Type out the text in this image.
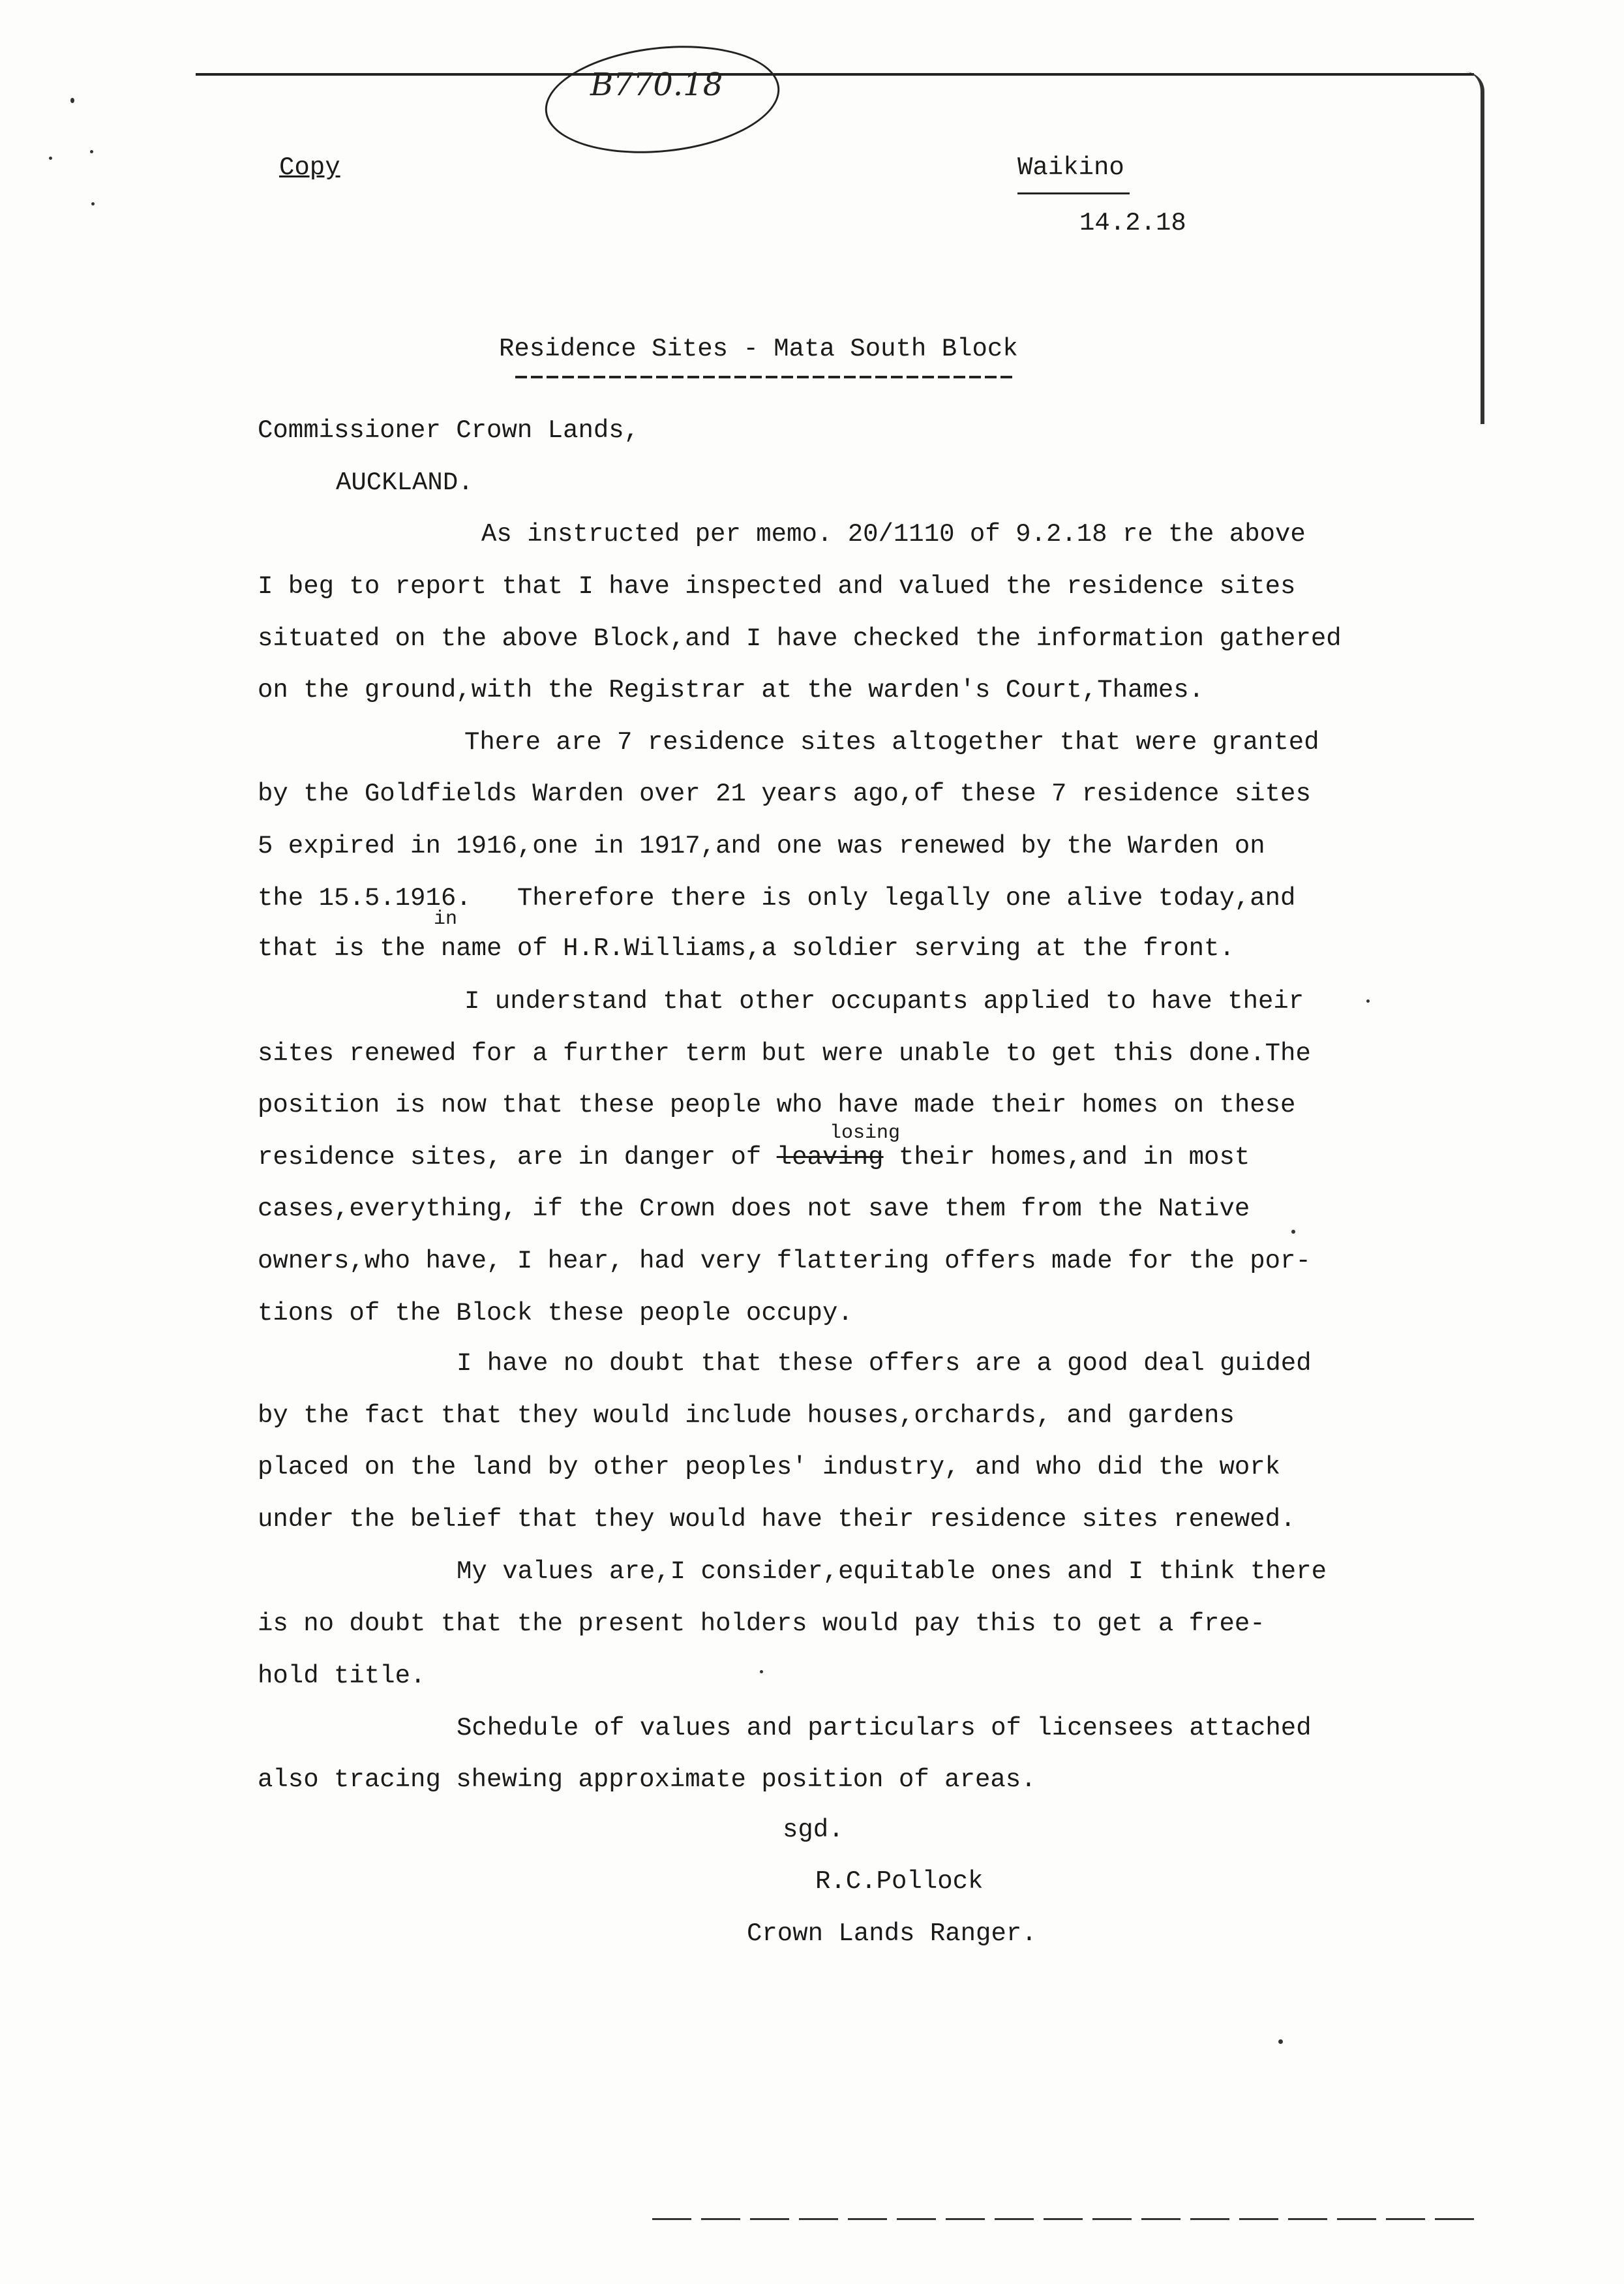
B770.18
Copy	Waikino
14.2.18
Residence Sites - Mata South Block
Commissioner Crown Lands,
AUCKLAND.
As instructed per memo. 20/1110 of 9.2.18 re the above
I beg to report that I have inspected and valued the residence sites
situated on the above Block,and I have checked the information gathered
on the ground,with the Registrar at the warden's Court,Thames.
There are 7 residence sites altogether that were granted
by the Goldfields Warden over 21 years ago,of these 7 residence sites
5 expired in 1916,one in 1917,and one was renewed by the Warden on
the 15.5.1916.   Therefore there is only legally one alive today,and
in
that is the name of H.R.Williams,a soldier serving at the front.
I understand that other occupants applied to have their
sites renewed for a further term but were unable to get this done.The
position is now that these people who have made their homes on these
losing
residence sites, are in danger of leaving their homes,and in most
cases,everything, if the Crown does not save them from the Native
owners,who have, I hear, had very flattering offers made for the por-
tions of the Block these people occupy.
I have no doubt that these offers are a good deal guided
by the fact that they would include houses,orchards, and gardens
placed on the land by other peoples' industry, and who did the work
under the belief that they would have their residence sites renewed.
My values are,I consider,equitable ones and I think there
is no doubt that the present holders would pay this to get a free-
hold title.
Schedule of values and particulars of licensees attached
also tracing shewing approximate position of areas.
sgd.
R.C.Pollock
Crown Lands Ranger.
